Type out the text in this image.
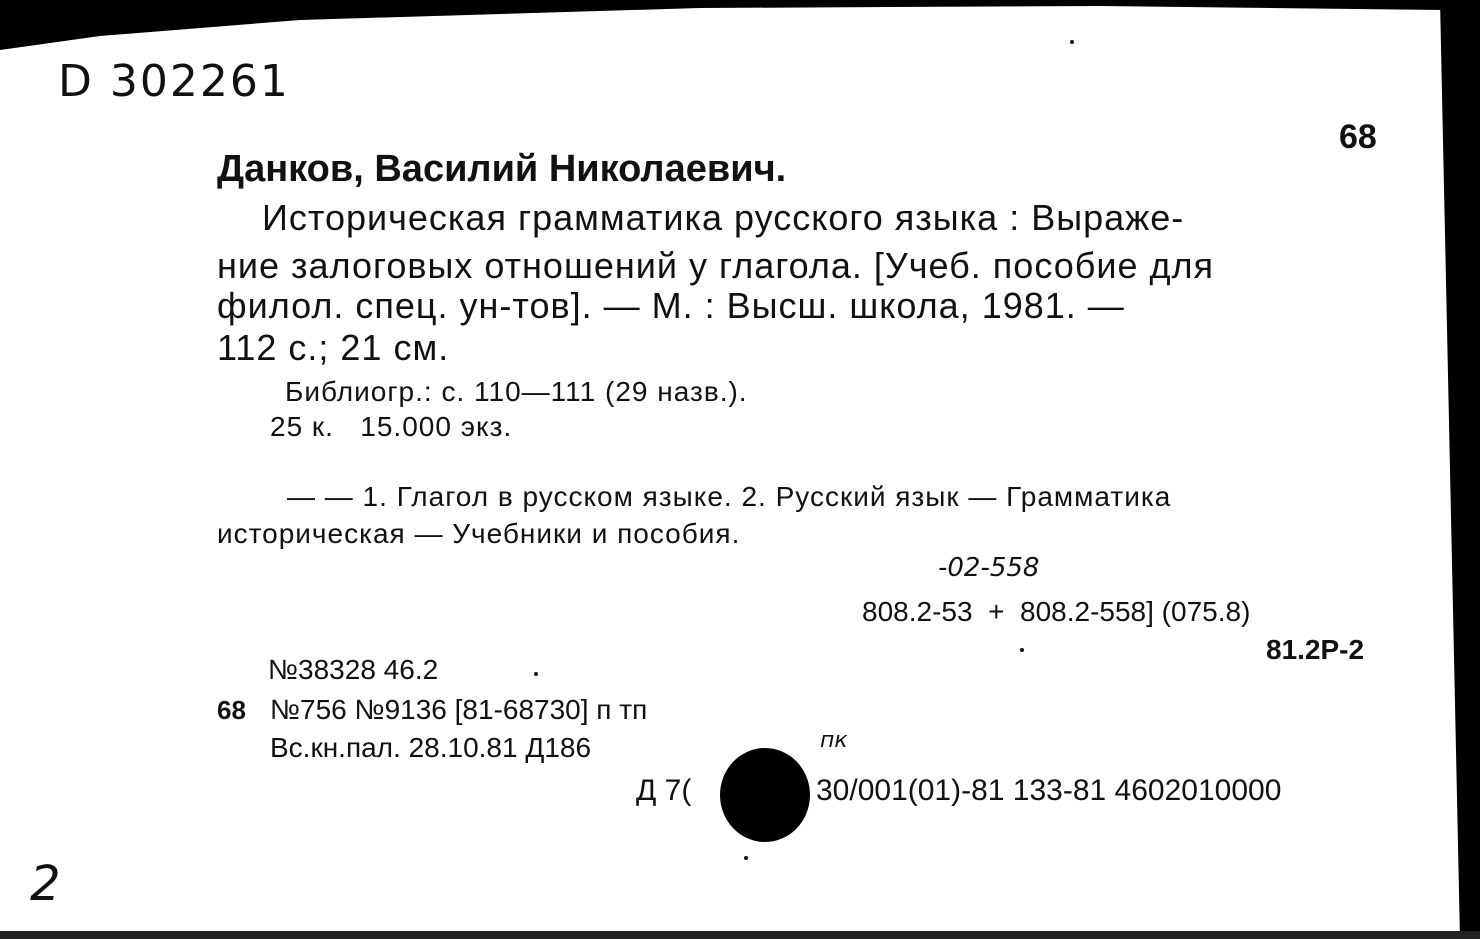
D 302261
68
Данков, Василий Николаевич.
Историческая грамматика русского языка : Выраже-
ние залоговых отношений у глагола. [Учеб. пособие для
филол. спец. ун-тов]. — М. : Высш. школа, 1981. —
112 с.; 21 см.
Библиогр.: с. 110—111 (29 назв.).
25 к.   15.000 экз.
— — 1. Глагол в русском языке. 2. Русский язык — Грамматика
историческая — Учебники и пособия.
-02-558
808.2-53  +  808.2-558] (075.8)
81.2Р-2
№38328 46.2
68 №756 №9136 [81-68730] п тп
Вс.кн.пал. 28.10.81 Д186	пк
Д 7(	30/001(01)-81 133-81 4602010000
2
